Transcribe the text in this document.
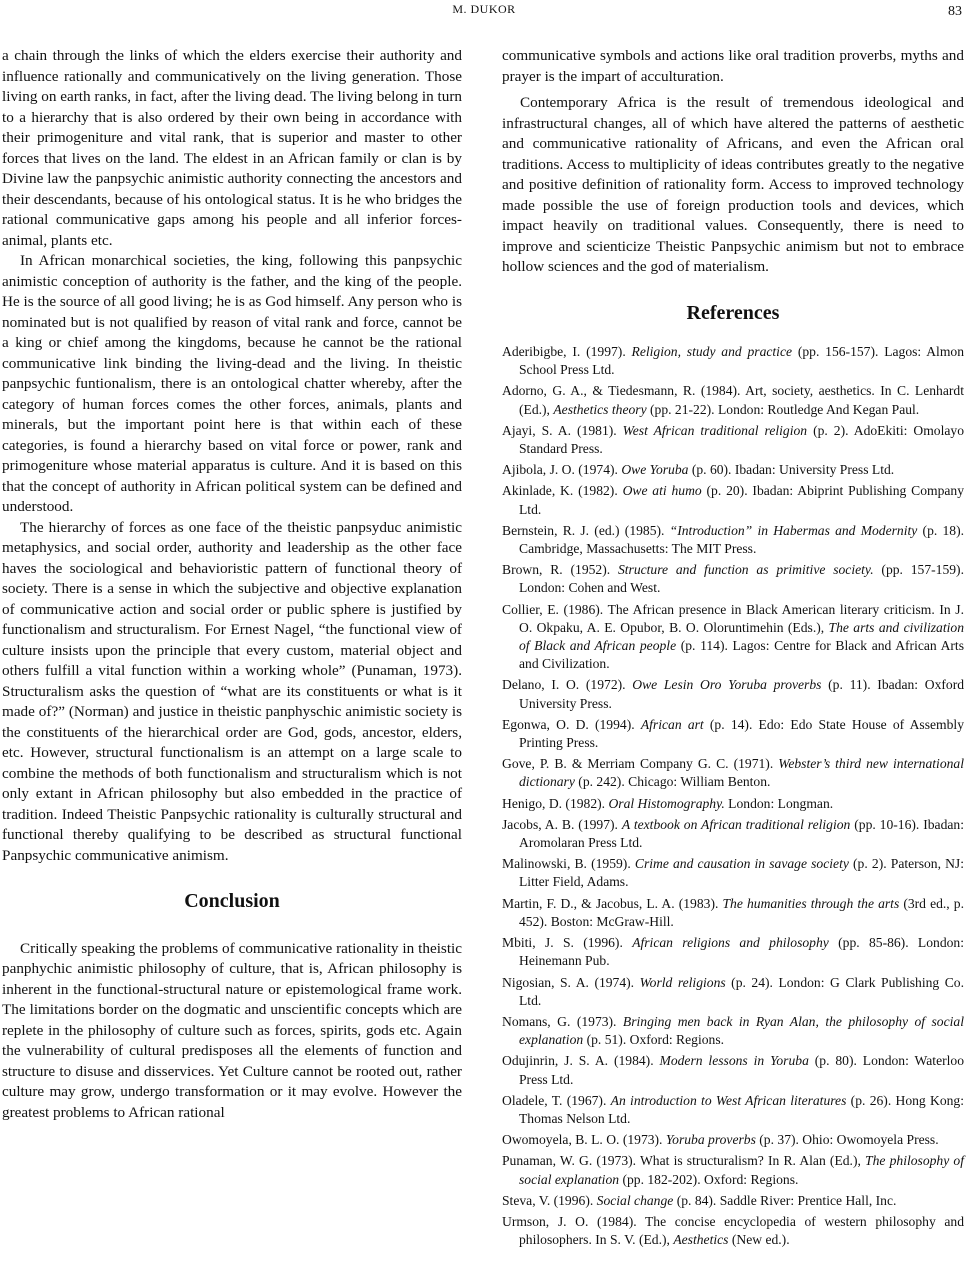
M. DUKOR	83

a chain through the links of which the elders exercise their authority and influence rationally and communicatively on the living generation. Those living on earth ranks, in fact, after the living dead. The living belong in turn to a hierarchy that is also ordered by their own being in accordance with their primogeniture and vital rank, that is superior and master to other forces that lives on the land. The eldest in an African family or clan is by Divine law the panpsychic animistic authority connecting the ancestors and their descendants, because of his ontological status. It is he who bridges the rational communicative gaps among his people and all inferior forces-animal, plants etc.

In African monarchical societies, the king, following this panpsychic animistic conception of authority is the father, and the king of the people. He is the source of all good living; he is as God himself. Any person who is nominated but is not qualified by reason of vital rank and force, cannot be a king or chief among the kingdoms, because he cannot be the rational communicative link binding the living-dead and the living. In theistic panpsychic funtionalism, there is an ontological chatter whereby, after the category of human forces comes the other forces, animals, plants and minerals, but the important point here is that within each of these categories, is found a hierarchy based on vital force or power, rank and primogeniture whose material apparatus is culture. And it is based on this that the concept of authority in African political system can be defined and understood.

The hierarchy of forces as one face of the theistic panpsyduc animistic metaphysics, and social order, authority and leadership as the other face haves the sociological and behavioristic pattern of functional theory of society. There is a sense in which the subjective and objective explanation of communicative action and social order or public sphere is justified by functionalism and structuralism. For Ernest Nagel, “the functional view of culture insists upon the principle that every custom, material object and others fulfill a vital function within a working whole” (Punaman, 1973). Structuralism asks the question of “what are its constituents or what is it made of?” (Norman) and justice in theistic panphyschic animistic society is the constituents of the hierarchical order are God, gods, ancestor, elders, etc. However, structural functionalism is an attempt on a large scale to combine the methods of both functionalism and structuralism which is not only extant in African philosophy but also embedded in the practice of tradition. Indeed Theistic Panpsychic rationality is culturally structural and functional thereby qualifying to be described as structural functional Panpsychic communicative animism.

Conclusion

Critically speaking the problems of communicative rationality in theistic panphychic animistic philosophy of culture, that is, African philosophy is inherent in the functional-structural nature or epistemological frame work. The limitations border on the dogmatic and unscientific concepts which are replete in the philosophy of culture such as forces, spirits, gods etc. Again the vulnerability of cultural predisposes all the elements of function and structure to disuse and disservices. Yet Culture cannot be rooted out, rather culture may grow, undergo transformation or it may evolve. However the greatest problems to African rational

communicative symbols and actions like oral tradition proverbs, myths and prayer is the impart of acculturation.

Contemporary Africa is the result of tremendous ideological and infrastructural changes, all of which have altered the patterns of aesthetic and communicative rationality of Africans, and even the African oral traditions. Access to multiplicity of ideas contributes greatly to the negative and positive definition of rationality form. Access to improved technology made possible the use of foreign production tools and devices, which impact heavily on traditional values. Consequently, there is need to improve and scienticize Theistic Panpsychic animism but not to embrace hollow sciences and the god of materialism.

References
Aderibigbe, I. (1997). Religion, study and practice (pp. 156-157). Lagos: Almon School Press Ltd.
Adorno, G. A., & Tiedesmann, R. (1984). Art, society, aesthetics. In C. Lenhardt (Ed.), Aesthetics theory (pp. 21-22). London: Routledge And Kegan Paul.
Ajayi, S. A. (1981). West African traditional religion (p. 2). AdoEkiti: Omolayo Standard Press.
Ajibola, J. O. (1974). Owe Yoruba (p. 60). Ibadan: University Press Ltd.
Akinlade, K. (1982). Owe ati humo (p. 20). Ibadan: Abiprint Publishing Company Ltd.
Bernstein, R. J. (ed.) (1985). “Introduction” in Habermas and Modernity (p. 18). Cambridge, Massachusetts: The MIT Press.
Brown, R. (1952). Structure and function as primitive society. (pp. 157-159). London: Cohen and West.
Collier, E. (1986). The African presence in Black American literary criticism. In J. O. Okpaku, A. E. Opubor, B. O. Oloruntimehin (Eds.), The arts and civilization of Black and African people (p. 114). Lagos: Centre for Black and African Arts and Civilization.
Delano, I. O. (1972). Owe Lesin Oro Yoruba proverbs (p. 11). Ibadan: Oxford University Press.
Egonwa, O. D. (1994). African art (p. 14). Edo: Edo State House of Assembly Printing Press.
Gove, P. B. & Merriam Company G. C. (1971). Webster’s third new international dictionary (p. 242). Chicago: William Benton.
Henigo, D. (1982). Oral Histomography. London: Longman.
Jacobs, A. B. (1997). A textbook on African traditional religion (pp. 10-16). Ibadan: Aromolaran Press Ltd.
Malinowski, B. (1959). Crime and causation in savage society (p. 2). Paterson, NJ: Litter Field, Adams.
Martin, F. D., & Jacobus, L. A. (1983). The humanities through the arts (3rd ed., p. 452). Boston: McGraw-Hill.
Mbiti, J. S. (1996). African religions and philosophy (pp. 85-86). London: Heinemann Pub.
Nigosian, S. A. (1974). World religions (p. 24). London: G Clark Publishing Co. Ltd.
Nomans, G. (1973). Bringing men back in Ryan Alan, the philosophy of social explanation (p. 51). Oxford: Regions.
Odujinrin, J. S. A. (1984). Modern lessons in Yoruba (p. 80). London: Waterloo Press Ltd.
Oladele, T. (1967). An introduction to West African literatures (p. 26). Hong Kong: Thomas Nelson Ltd.
Owomoyela, B. L. O. (1973). Yoruba proverbs (p. 37). Ohio: Owomoyela Press.
Punaman, W. G. (1973). What is structuralism? In R. Alan (Ed.), The philosophy of social explanation (pp. 182-202). Oxford: Regions.
Steva, V. (1996). Social change (p. 84). Saddle River: Prentice Hall, Inc.
Urmson, J. O. (1984). The concise encyclopedia of western philosophy and philosophers. In S. V. (Ed.), Aesthetics (New ed.).
